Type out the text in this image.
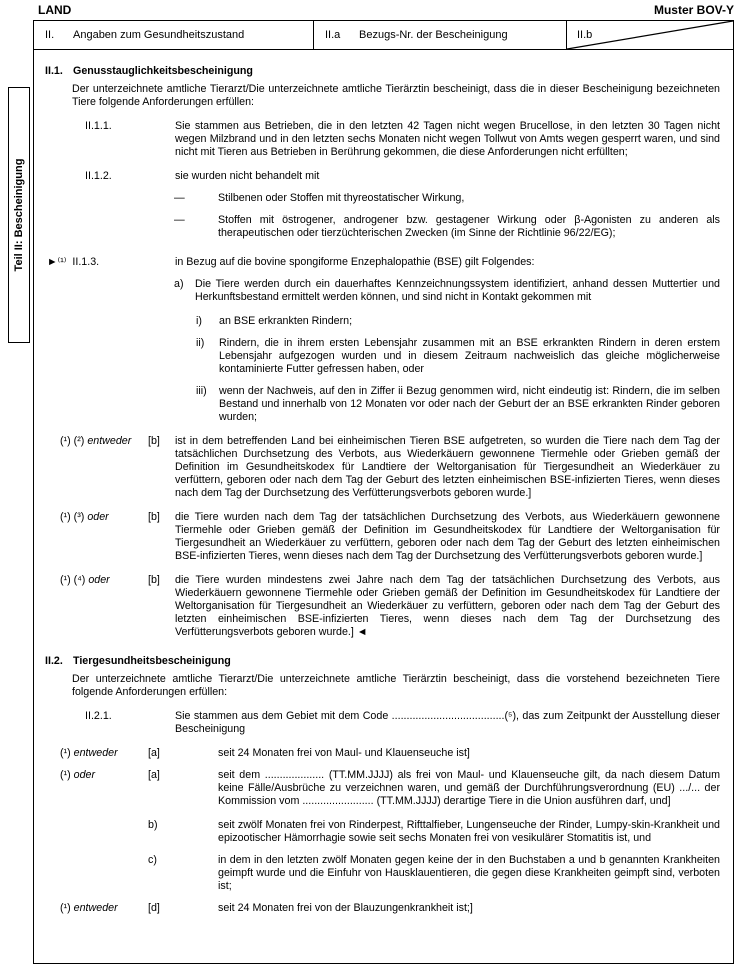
LAND	Muster BOV-Y
Teil II: Bescheinigung
II.	Angaben zum Gesundheitszustand	II.a	Bezugs-Nr. der Bescheinigung	II.b
II.1. Genusstauglichkeitsbescheinigung
Der unterzeichnete amtliche Tierarzt/Die unterzeichnete amtliche Tierärztin bescheinigt, dass die in dieser Bescheinigung bezeichneten Tiere folgende Anforderungen erfüllen:
II.1.1.	Sie stammen aus Betrieben, die in den letzten 42 Tagen nicht wegen Brucellose, in den letzten 30 Tagen nicht wegen Milzbrand und in den letzten sechs Monaten nicht wegen Tollwut von Amts wegen gesperrt waren, und sind nicht mit Tieren aus Betrieben in Berührung gekommen, die diese Anforderungen nicht erfüllten;
II.1.2.	sie wurden nicht behandelt mit
—	Stilbenen oder Stoffen mit thyreostatischer Wirkung,
—	Stoffen mit östrogener, androgener bzw. gestagener Wirkung oder β-Agonisten zu anderen als therapeutischen oder tierzüchterischen Zwecken (im Sinne der Richtlinie 96/22/EG);
►⁽¹⁾ II.1.3.	in Bezug auf die bovine spongiforme Enzephalopathie (BSE) gilt Folgendes:
a)	Die Tiere werden durch ein dauerhaftes Kennzeichnungssystem identifiziert, anhand dessen Muttertier und Herkunftsbestand ermittelt werden können, und sind nicht in Kontakt gekommen mit
i)	an BSE erkrankten Rindern;
ii)	Rindern, die in ihrem ersten Lebensjahr zusammen mit an BSE erkrankten Rindern in deren erstem Lebensjahr aufgezogen wurden und in diesem Zeitraum nachweislich das gleiche möglicherweise kontaminierte Futter gefressen haben, oder
iii)	wenn der Nachweis, auf den in Ziffer ii Bezug genommen wird, nicht eindeutig ist: Rindern, die im selben Bestand und innerhalb von 12 Monaten vor oder nach der Geburt der an BSE erkrankten Rinder geboren wurden;
(¹) (²) entweder	[b]	ist in dem betreffenden Land bei einheimischen Tieren BSE aufgetreten, so wurden die Tiere nach dem Tag der tatsächlichen Durchsetzung des Verbots, aus Wiederkäuern gewonnene Tiermehle oder Grieben gemäß der Definition im Gesundheitskodex für Landtiere der Weltorganisation für Tiergesundheit an Wiederkäuer zu verfüttern, geboren oder nach dem Tag der Geburt des letzten einheimischen BSE-infizierten Tieres, wenn dieses nach dem Tag der Durchsetzung des Verfütterungsverbots geboren wurde.]
(¹) (³) oder	[b]	die Tiere wurden nach dem Tag der tatsächlichen Durchsetzung des Verbots, aus Wiederkäuern gewonnene Tiermehle oder Grieben gemäß der Definition im Gesundheitskodex für Landtiere der Weltorganisation für Tiergesundheit an Wiederkäuer zu verfüttern, geboren oder nach dem Tag der Geburt des letzten einheimischen BSE-infizierten Tieres, wenn dieses nach dem Tag der Durchsetzung des Verfütterungsverbots geboren wurde.]
(¹) (⁴) oder	[b]	die Tiere wurden mindestens zwei Jahre nach dem Tag der tatsächlichen Durchsetzung des Verbots, aus Wiederkäuern gewonnene Tiermehle oder Grieben gemäß der Definition im Gesundheitskodex für Landtiere der Weltorganisation für Tiergesundheit an Wiederkäuer zu verfüttern, geboren oder nach dem Tag der Geburt des letzten einheimischen BSE-infizierten Tieres, wenn dieses nach dem Tag der Durchsetzung des Verfütterungsverbots geboren wurde.] ◄
II.2. Tiergesundheitsbescheinigung
Der unterzeichnete amtliche Tierarzt/Die unterzeichnete amtliche Tierärztin bescheinigt, dass die vorstehend bezeichneten Tiere folgende Anforderungen erfüllen:
II.2.1.	Sie stammen aus dem Gebiet mit dem Code ......................................(⁵), das zum Zeitpunkt der Ausstellung dieser Bescheinigung
(¹) entweder	[a]	seit 24 Monaten frei von Maul- und Klauenseuche ist]
(¹) oder	[a]	seit dem .................... (TT.MM.JJJJ) als frei von Maul- und Klauenseuche gilt, da nach diesem Datum keine Fälle/Ausbrüche zu verzeichnen waren, und gemäß der Durchführungsverordnung (EU) .../... der Kommission vom ........................ (TT.MM.JJJJ) derartige Tiere in die Union ausführen darf, und]
b)	seit zwölf Monaten frei von Rinderpest, Rifttalfieber, Lungenseuche der Rinder, Lumpy-skin-Krankheit und epizootischer Hämorrhagie sowie seit sechs Monaten frei von vesikulärer Stomatitis ist, und
c)	in dem in den letzten zwölf Monaten gegen keine der in den Buchstaben a und b genannten Krankheiten geimpft wurde und die Einfuhr von Hausklauentieren, die gegen diese Krankheiten geimpft sind, verboten ist;
(¹) entweder	[d]	seit 24 Monaten frei von der Blauzungenkrankheit ist;]
